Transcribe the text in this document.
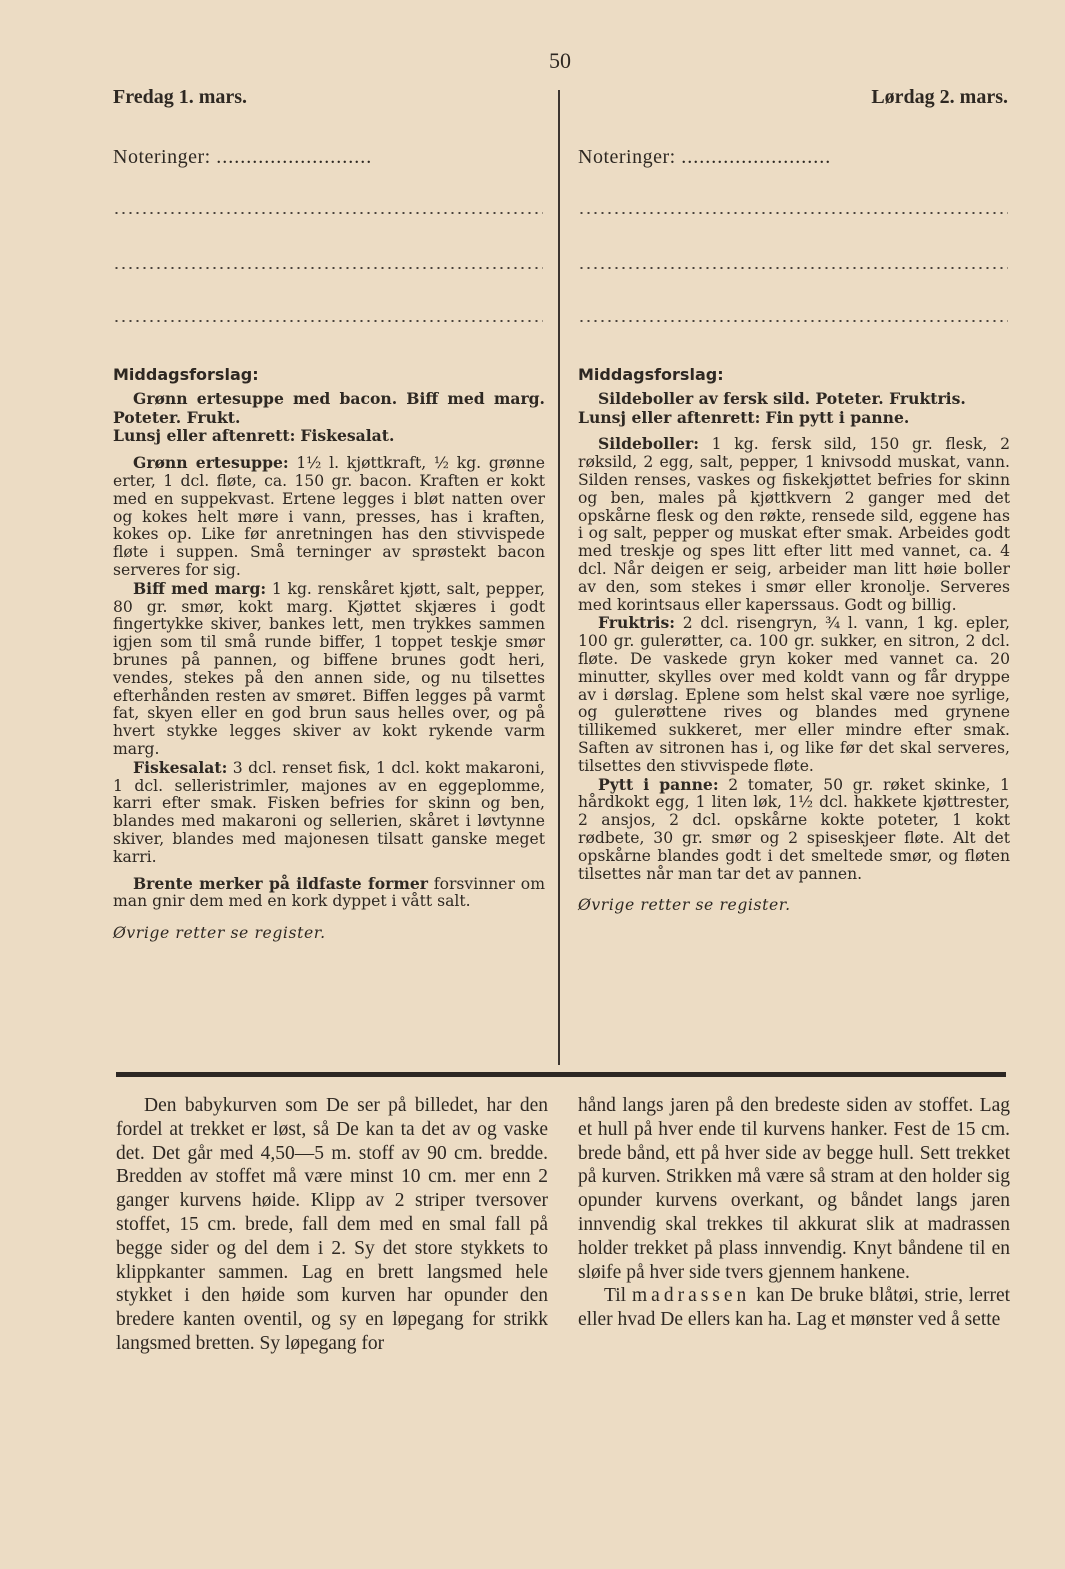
50
Fredag 1. mars.
Noteringer: ..........................

Middagsforslag:

Grønn ertesuppe med bacon. Biff med marg. Poteter. Frukt.

Lunsj eller aftenrett: Fiskesalat.

Grønn ertesuppe: 1½ l. kjøttkraft, ½ kg. grønne erter, 1 dcl. fløte, ca. 150 gr. bacon. Kraften er kokt med en suppekvast. Ertene legges i bløt natten over og kokes helt møre i vann, presses, has i kraften, kokes op. Like før anretningen has den stivvispede fløte i suppen. Små terninger av sprøstekt bacon serveres for sig.

Biff med marg: 1 kg. renskåret kjøtt, salt, pepper, 80 gr. smør, kokt marg. Kjøttet skjæres i godt fingertykke skiver, bankes lett, men trykkes sammen igjen som til små runde biffer, 1 toppet teskje smør brunes på pannen, og biffene brunes godt heri, vendes, stekes på den annen side, og nu tilsettes efterhånden resten av smøret. Biffen legges på varmt fat, skyen eller en god brun saus helles over, og på hvert stykke legges skiver av kokt rykende varm marg.

Fiskesalat: 3 dcl. renset fisk, 1 dcl. kokt makaroni, 1 dcl. selleristrimler, majones av en eggeplomme, karri efter smak. Fisken befries for skinn og ben, blandes med makaroni og sellerien, skåret i løvtynne skiver, blandes med majonesen tilsatt ganske meget karri.

Brente merker på ildfaste former forsvinner om man gnir dem med en kork dyppet i vått salt.

Øvrige retter se register.

Lørdag 2. mars.
Noteringer: .........................

Middagsforslag:

Sildeboller av fersk sild. Poteter. Fruktris.

Lunsj eller aftenrett: Fin pytt i panne.

Sildeboller: 1 kg. fersk sild, 150 gr. flesk, 2 røksild, 2 egg, salt, pepper, 1 knivsodd muskat, vann. Silden renses, vaskes og fiskekjøttet befries for skinn og ben, males på kjøttkvern 2 ganger med det opskårne flesk og den røkte, rensede sild, eggene has i og salt, pepper og muskat efter smak. Arbeides godt med treskje og spes litt efter litt med vannet, ca. 4 dcl. Når deigen er seig, arbeider man litt høie boller av den, som stekes i smør eller kronolje. Serveres med korintsaus eller kaperssaus. Godt og billig.

Fruktris: 2 dcl. risengryn, ¾ l. vann, 1 kg. epler, 100 gr. gulerøtter, ca. 100 gr. sukker, en sitron, 2 dcl. fløte. De vaskede gryn koker med vannet ca. 20 minutter, skylles over med koldt vann og får dryppe av i dørslag. Eplene som helst skal være noe syrlige, og gulerøttene rives og blandes med grynene tillikemed sukkeret, mer eller mindre efter smak. Saften av sitronen has i, og like før det skal serveres, tilsettes den stivvispede fløte.

Pytt i panne: 2 tomater, 50 gr. røket skinke, 1 hårdkokt egg, 1 liten løk, 1½ dcl. hakkete kjøttrester, 2 ansjos, 2 dcl. opskårne kokte poteter, 1 kokt rødbete, 30 gr. smør og 2 spiseskjeer fløte. Alt det opskårne blandes godt i det smeltede smør, og fløten tilsettes når man tar det av pannen.

Øvrige retter se register.

Den babykurven som De ser på billedet, har den fordel at trekket er løst, så De kan ta det av og vaske det. Det går med 4,50—5 m. stoff av 90 cm. bredde. Bredden av stoffet må være minst 10 cm. mer enn 2 ganger kurvens høide. Klipp av 2 striper tversover stoffet, 15 cm. brede, fall dem med en smal fall på begge sider og del dem i 2. Sy det store stykkets to klippkanter sammen. Lag en brett langsmed hele stykket i den høide som kurven har opunder den bredere kanten oventil, og sy en løpegang for strikk langsmed bretten. Sy løpegang for

hånd langs jaren på den bredeste siden av stoffet. Lag et hull på hver ende til kurvens hanker. Fest de 15 cm. brede bånd, ett på hver side av begge hull. Sett trekket på kurven. Strikken må være så stram at den holder sig opunder kurvens overkant, og båndet langs jaren innvendig skal trekkes til akkurat slik at madrassen holder trekket på plass innvendig. Knyt båndene til en sløife på hver side tvers gjennem hankene.

Til madrassen kan De bruke blåtøi, strie, lerret eller hvad De ellers kan ha. Lag et mønster ved å sette
